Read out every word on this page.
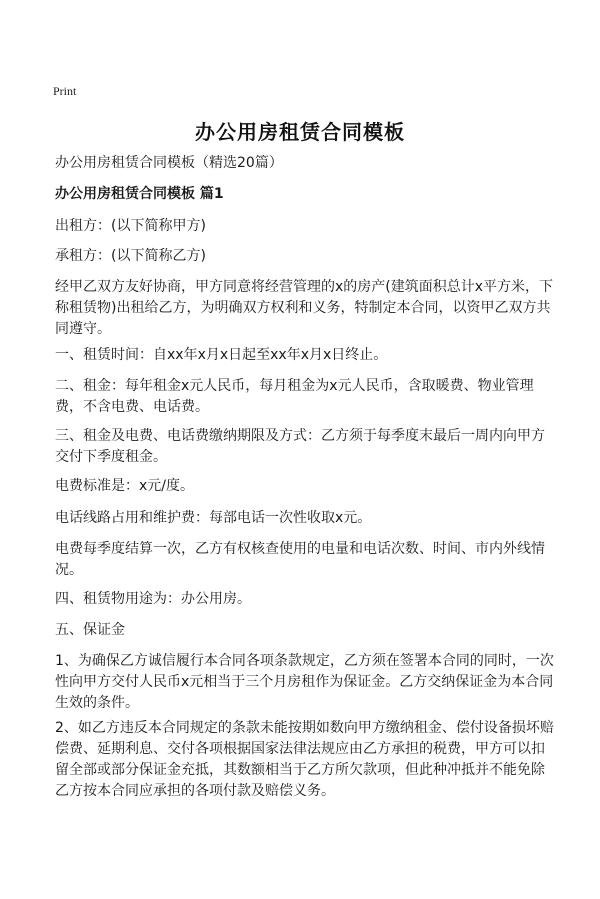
Print
办公用房租赁合同模板

办公用房租赁合同模板（精选20篇）

办公用房租赁合同模板 篇1

出租方：(以下简称甲方)

承租方：(以下简称乙方)

经甲乙双方友好协商，甲方同意将经营管理的x的房产(建筑面积总计x平方米，下称租赁物)出租给乙方，为明确双方权利和义务，特制定本合同，以资甲乙双方共同遵守。

一、租赁时间：自xx年x月x日起至xx年x月x日终止。

二、租金：每年租金x元人民币，每月租金为x元人民币，含取暖费、物业管理费，不含电费、电话费。

三、租金及电费、电话费缴纳期限及方式：乙方须于每季度末最后一周内向甲方交付下季度租金。

电费标准是：x元/度。

电话线路占用和维护费：每部电话一次性收取x元。

电费每季度结算一次，乙方有权核查使用的电量和电话次数、时间、市内外线情况。

四、租赁物用途为：办公用房。

五、保证金

1、为确保乙方诚信履行本合同各项条款规定，乙方须在签署本合同的同时，一次性向甲方交付人民币x元相当于三个月房租作为保证金。乙方交纳保证金为本合同生效的条件。

2、如乙方违反本合同规定的条款未能按期如数向甲方缴纳租金、偿付设备损坏赔偿费、延期利息、交付各项根据国家法律法规应由乙方承担的税费，甲方可以扣留全部或部分保证金充抵，其数额相当于乙方所欠款项，但此种冲抵并不能免除乙方按本合同应承担的各项付款及赔偿义务。
